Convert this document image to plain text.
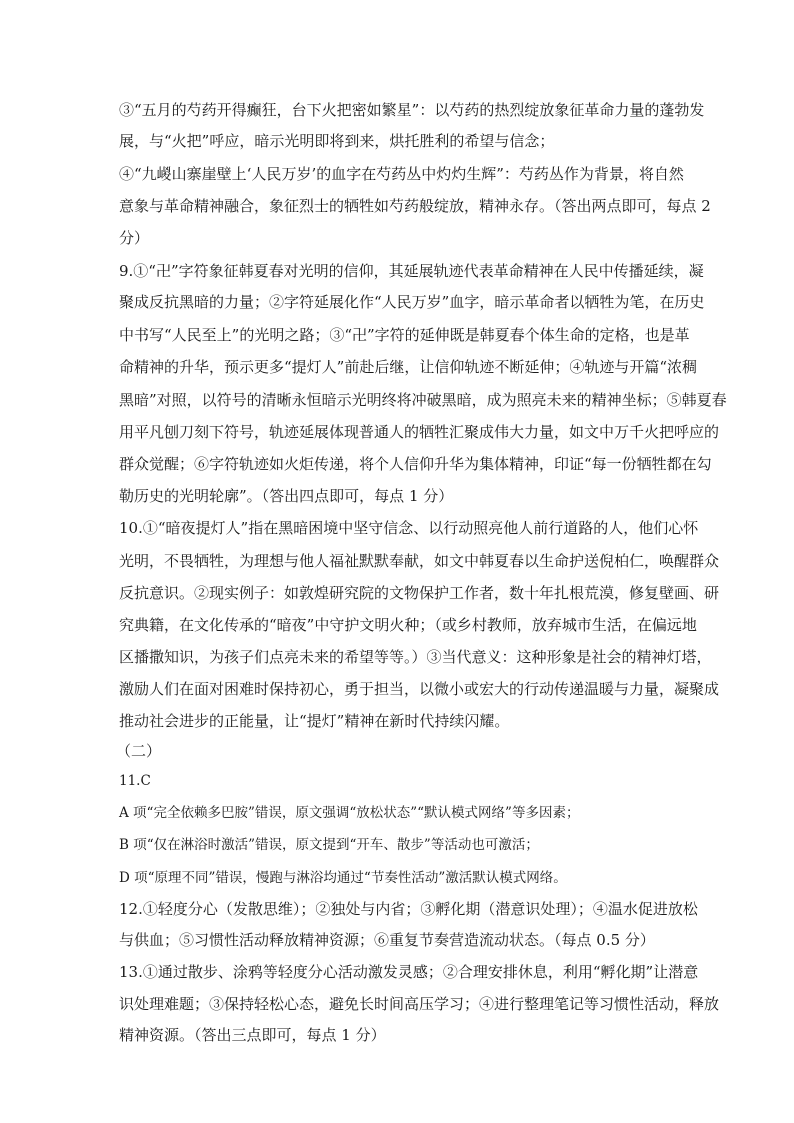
③“五月的芍药开得癫狂，台下火把密如繁星”：以芍药的热烈绽放象征革命力量的蓬勃发
展，与“火把”呼应，暗示光明即将到来，烘托胜利的希望与信念；
④“九嵕山寨崖壁上‘人民万岁’的血字在芍药丛中灼灼生辉”：芍药丛作为背景，将自然
意象与革命精神融合，象征烈士的牺牲如芍药般绽放，精神永存。（答出两点即可，每点 2
分）
9.①“卍”字符象征韩夏春对光明的信仰，其延展轨迹代表革命精神在人民中传播延续，凝
聚成反抗黑暗的力量；②字符延展化作“人民万岁”血字，暗示革命者以牺牲为笔，在历史
中书写“人民至上”的光明之路；③“卍”字符的延伸既是韩夏春个体生命的定格，也是革
命精神的升华，预示更多“提灯人”前赴后继，让信仰轨迹不断延伸；④轨迹与开篇“浓稠
黑暗”对照，以符号的清晰永恒暗示光明终将冲破黑暗，成为照亮未来的精神坐标；⑤韩夏春
用平凡刨刀刻下符号，轨迹延展体现普通人的牺牲汇聚成伟大力量，如文中万千火把呼应的
群众觉醒；⑥字符轨迹如火炬传递，将个人信仰升华为集体精神，印证“每一份牺牲都在勾
勒历史的光明轮廓”。（答出四点即可，每点 1 分）
10.①“暗夜提灯人”指在黑暗困境中坚守信念、以行动照亮他人前行道路的人，他们心怀
光明，不畏牺牲，为理想与他人福祉默默奉献，如文中韩夏春以生命护送倪柏仁，唤醒群众
反抗意识。②现实例子：如敦煌研究院的文物保护工作者，数十年扎根荒漠，修复壁画、研
究典籍，在文化传承的“暗夜”中守护文明火种；（或乡村教师，放弃城市生活，在偏远地
区播撒知识，为孩子们点亮未来的希望等等。）③当代意义：这种形象是社会的精神灯塔，
激励人们在面对困难时保持初心，勇于担当，以微小或宏大的行动传递温暖与力量，凝聚成
推动社会进步的正能量，让“提灯”精神在新时代持续闪耀。
（二）
11.C
A 项“完全依赖多巴胺”错误，原文强调“放松状态”“默认模式网络”等多因素；
B 项“仅在淋浴时激活”错误，原文提到“开车、散步”等活动也可激活；
D 项“原理不同”错误，慢跑与淋浴均通过“节奏性活动”激活默认模式网络。
12.①轻度分心（发散思维）；②独处与内省；③孵化期（潜意识处理）；④温水促进放松
与供血；⑤习惯性活动释放精神资源；⑥重复节奏营造流动状态。（每点 0.5 分）
13.①通过散步、涂鸦等轻度分心活动激发灵感；②合理安排休息，利用“孵化期”让潜意
识处理难题；③保持轻松心态，避免长时间高压学习；④进行整理笔记等习惯性活动，释放
精神资源。（答出三点即可，每点 1 分）
